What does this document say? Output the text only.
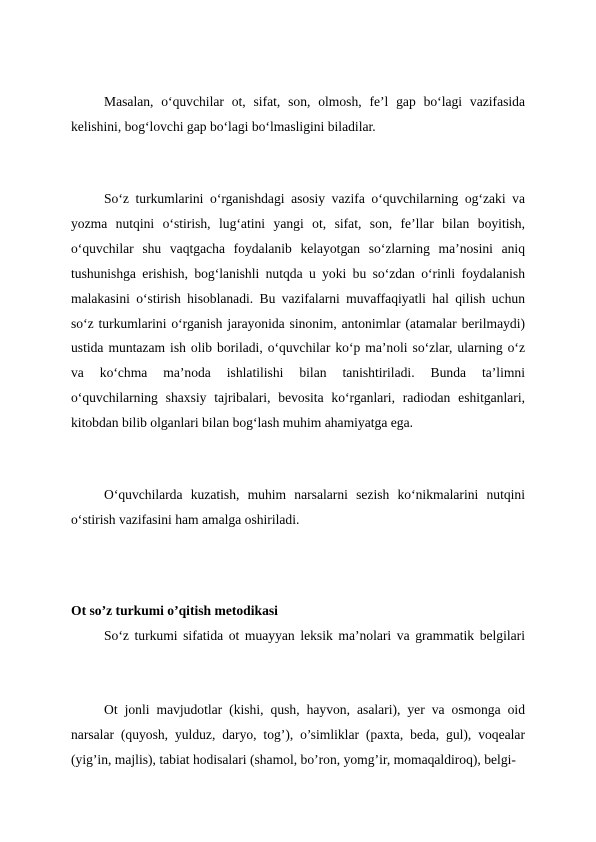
Masalan, o‘quvchilar ot, sifat, son, olmosh, fe’l gap bo‘lagi vazifasida kelishini, bog‘lovchi gap bo‘lagi bo‘lmasligini biladilar.

So‘z turkumlarini o‘rganishdagi asosiy vazifa o‘quvchilarning og‘zaki va yozma nutqini o‘stirish, lug‘atini yangi ot, sifat, son, fe’llar bilan boyitish, o‘quvchilar shu vaqtgacha foydalanib kelayotgan so‘zlarning ma’nosini aniq tushunishga erishish, bog‘lanishli nutqda u yoki bu so‘zdan o‘rinli foydalanish malakasini o‘stirish hisoblanadi. Bu vazifalarni muvaffaqiyatli hal qilish uchun so‘z turkumlarini o‘rganish jarayonida sinonim, antonimlar (atamalar berilmaydi) ustida muntazam ish olib boriladi, o‘quvchilar ko‘p ma’noli so‘zlar, ularning o‘z va ko‘chma ma’noda ishlatilishi bilan tanishtiriladi. Bunda ta’limni o‘quvchilarning shaxsiy tajribalari, bevosita ko‘rganlari, radiodan eshitganlari, kitobdan bilib olganlari bilan bog‘lash muhim ahamiyatga ega.

O‘quvchilarda kuzatish, muhim narsalarni sezish ko‘nikmalarini nutqini o‘stirish vazifasini ham amalga oshiriladi.

Ot so’z turkumi o’qitish metodikasi

So‘z turkumi sifatida ot muayyan leksik ma’nolari va grammatik belgilari

Ot jonli mavjudotlar (kishi, qush, hayvon, asalari), yer va osmonga oid narsalar (quyosh, yulduz, daryo, tog’), o’simliklar (paxta, beda, gul), voqealar (yig’in, majlis), tabiat hodisalari (shamol, bo’ron, yomg’ir, momaqaldiroq), belgi-
